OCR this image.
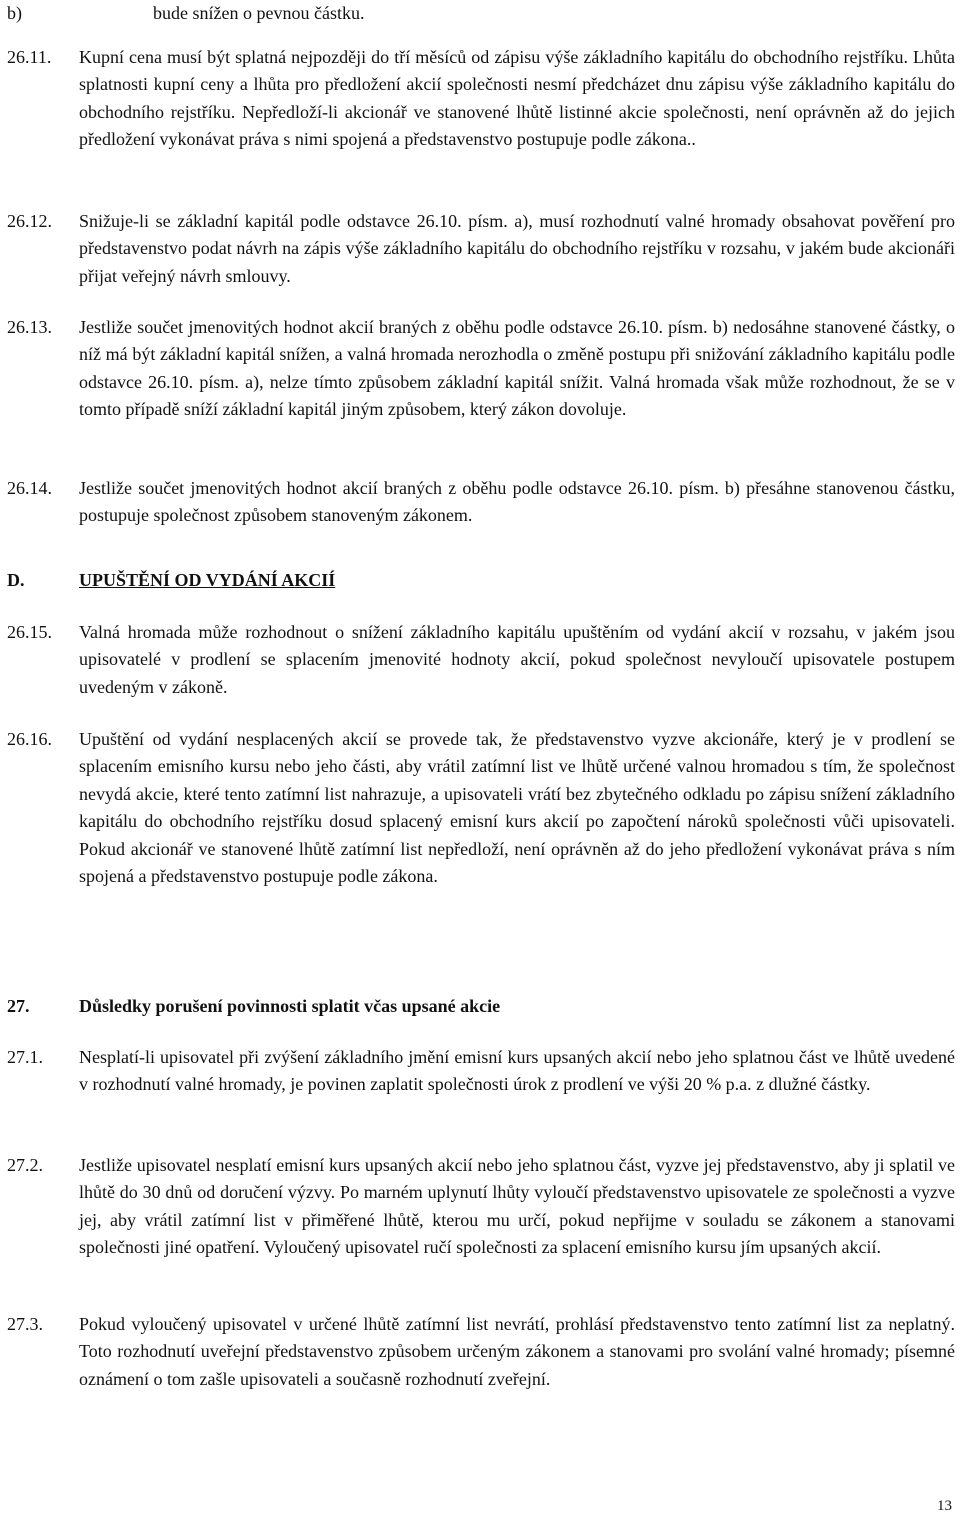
b)	bude snížen o pevnou částku.
26.11.	Kupní cena musí být splatná nejpozději do tří měsíců od zápisu výše základního kapitálu do obchodního rejstříku. Lhůta splatnosti kupní ceny a lhůta pro předložení akcií společnosti nesmí předcházet dnu zápisu výše základního kapitálu do obchodního rejstříku. Nepředloží-li akcionář ve stanovené lhůtě listinné akcie společnosti, není oprávněn až do jejich předložení vykonávat práva s nimi spojená a představenstvo postupuje podle zákona..
26.12.	Snižuje-li se základní kapitál podle odstavce 26.10. písm. a), musí rozhodnutí valné hromady obsahovat pověření pro představenstvo podat návrh na zápis výše základního kapitálu do obchodního rejstříku v rozsahu, v jakém bude akcionáři přijat veřejný návrh smlouvy.
26.13.	Jestliže součet jmenovitých hodnot akcií braných z oběhu podle odstavce 26.10. písm. b) nedosáhne stanovené částky, o níž má být základní kapitál snížen, a valná hromada nerozhodla o změně postupu při snižování základního kapitálu podle odstavce 26.10. písm. a), nelze tímto způsobem základní kapitál snížit. Valná hromada však může rozhodnout, že se v tomto případě sníží základní kapitál jiným způsobem, který zákon dovoluje.
26.14.	Jestliže součet jmenovitých hodnot akcií braných z oběhu podle odstavce 26.10. písm. b) přesáhne stanovenou částku, postupuje společnost způsobem stanoveným zákonem.
D.	UPUŠTĚNÍ OD VYDÁNÍ AKCIÍ
26.15.	Valná hromada může rozhodnout o snížení základního kapitálu upuštěním od vydání akcií v rozsahu, v jakém jsou upisovatelé v prodlení se splacením jmenovité hodnoty akcií, pokud společnost nevyloučí upisovatele postupem uvedeným v zákoně.
26.16.	Upuštění od vydání nesplacených akcií se provede tak, že představenstvo vyzve akcionáře, který je v prodlení se splacením emisního kursu nebo jeho části, aby vrátil zatímní list ve lhůtě určené valnou hromadou s tím, že společnost nevydá akcie, které tento zatímní list nahrazuje, a upisovateli vrátí bez zbytečného odkladu po zápisu snížení základního kapitálu do obchodního rejstříku dosud splacený emisní kurs akcií po započtení nároků společnosti vůči upisovateli. Pokud akcionář ve stanovené lhůtě zatímní list nepředloží, není oprávněn až do jeho předložení vykonávat práva s ním spojená a představenstvo postupuje podle zákona.
27.	Důsledky porušení povinnosti splatit včas upsané akcie
27.1.	Nesplatí-li upisovatel při zvýšení základního jmění emisní kurs upsaných akcií nebo jeho splatnou část ve lhůtě uvedené v rozhodnutí valné hromady, je povinen zaplatit společnosti úrok z prodlení ve výši 20 % p.a. z dlužné částky.
27.2.	Jestliže upisovatel nesplatí emisní kurs upsaných akcií nebo jeho splatnou část, vyzve jej představenstvo, aby ji splatil ve lhůtě do 30 dnů od doručení výzvy. Po marném uplynutí lhůty vyloučí představenstvo upisovatele ze společnosti a vyzve jej, aby vrátil zatímní list v přiměřené lhůtě, kterou mu určí, pokud nepřijme v souladu se zákonem a stanovami společnosti jiné opatření. Vyloučený upisovatel ručí společnosti za splacení emisního kursu jím upsaných akcií.
27.3.	Pokud vyloučený upisovatel v určené lhůtě zatímní list nevrátí, prohlásí představenstvo tento zatímní list za neplatný. Toto rozhodnutí uveřejní představenstvo způsobem určeným zákonem a stanovami pro svolání valné hromady; písemné oznámení o tom zašle upisovateli a současně rozhodnutí zveřejní.
13
